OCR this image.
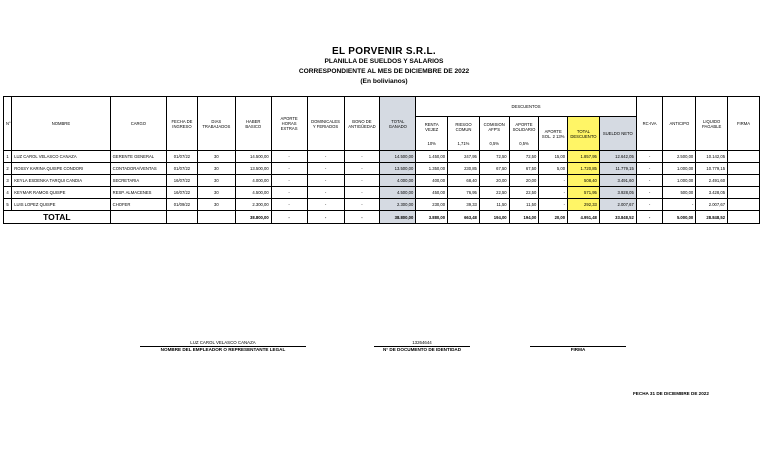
EL PORVENIR S.R.L.
PLANILLA DE SUELDOS Y SALARIOS
CORRESPONDIENTE AL MES DE DICIEMBRE DE 2022
(En bolivianos)
N°	NOMBRE	CARGO	FECHA DE INGRESO	DIAS TRABAJADOS	HABER BASICO	APORTE HORAS EXTRAS	DOMINICALES Y FERIADOS	BONO DE ANTIGÜEDAD	TOTAL GANADO	DESCUENTOS							RC-IVA	ANTICIPO	LIQUIDO PAGABLE	FIRMA
										RENTA VEJEZ	RIESGO COMUN	COMISION AFP'S	APORTE SOLIDARIO	APORTE SOL. 2 13%	TOTAL DESCUENTO	SUELDO NETO				
										10%	1,71%	0,5%	0,5%							
1	LUZ CAROL VELASCO CANAZA	GERENTE GENERAL	01/07/22	30	14.500,00	-	-	-	14.500,00	1.450,00	247,95	72,50	72,50	15,00	1.857,95	12.642,05	-	2.500,00	10.142,05	
2	ROSSY KARINA QUISPE CONDORI	CONTADORA/VENTAS	01/07/22	30	13.500,00	-	-	-	13.500,00	1.350,00	230,85	67,50	67,50	5,00	1.720,85	11.779,15	-	1.000,00	10.779,15	
3	KEYLA ESDENKA TARQUI CANDIA	SECRETARIA	16/07/22	30	4.000,00	-	-	-	4.000,00	400,00	68,40	20,00	20,00	-	508,40	3.491,60	-	1.000,00	2.491,60	
4	KEYMAR RAMOS QUISPE	RESP. ALMACENES	16/07/22	30	4.500,00	-	-	-	4.500,00	450,00	76,95	22,50	22,50	-	571,95	3.928,05	-	500,00	3.428,05	
5	LUIS LOPEZ QUISPE	CHOFER	01/09/22	30	2.300,00	-	-	-	2.300,00	230,00	39,33	11,50	11,50	-	292,33	2.007,67	-	-	2.007,67	
TOTAL					38.800,00	-	-	-	38.800,00	3.880,00	663,48	194,00	194,00	20,00	4.951,48	33.848,52	-	5.000,00	28.848,52	
LUZ CAROL VELASCO CANAZA
NOMBRE DEL EMPLEADOR O REPRESENTANTE LEGAL
13264644
N° DE DOCUMENTO DE IDENTIDAD	FIRMA
FECHA 31 DE DICIEMBRE DE 2022
